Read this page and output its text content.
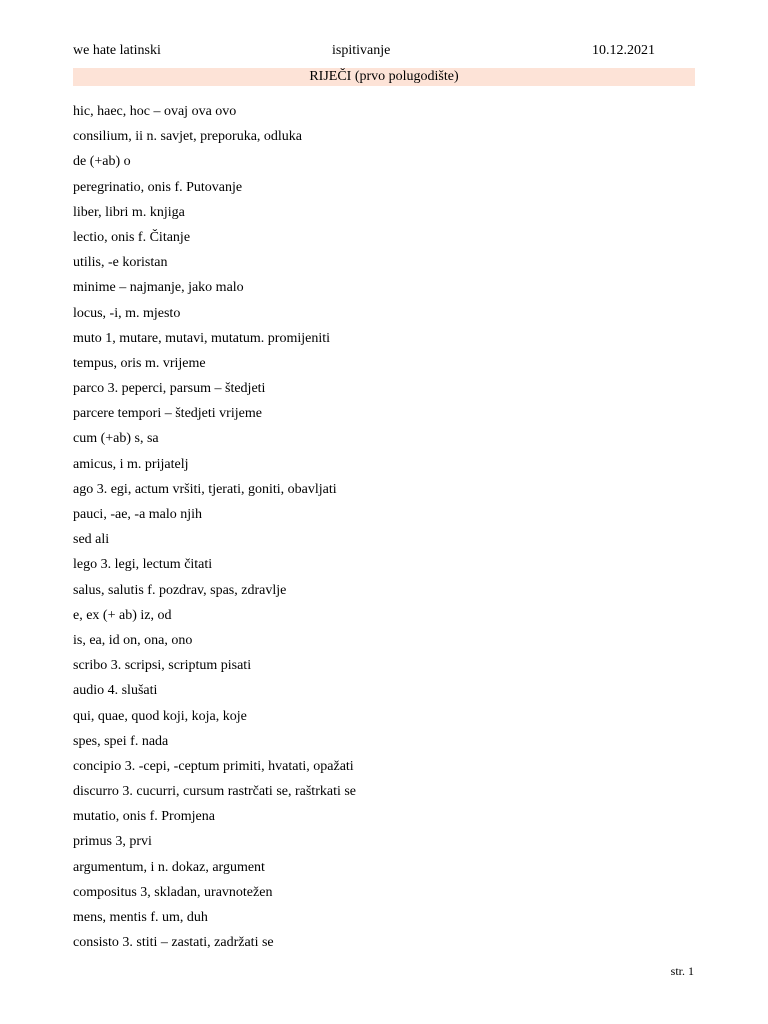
we hate latinski	ispitivanje	10.12.2021
RIJEČI (prvo polugodište)
hic, haec, hoc – ovaj ova ovo
consilium, ii n. savjet, preporuka, odluka
de (+ab) o
peregrinatio, onis f. Putovanje
liber, libri m. knjiga
lectio, onis f. Čitanje
utilis, -e koristan
minime – najmanje, jako malo
locus, -i, m. mjesto
muto 1, mutare, mutavi, mutatum. promijeniti
tempus, oris m. vrijeme
parco 3. peperci, parsum – štedjeti
parcere tempori – štedjeti vrijeme
cum (+ab) s, sa
amicus, i m. prijatelj
ago 3. egi, actum vršiti, tjerati, goniti, obavljati
pauci, -ae, -a malo njih
sed ali
lego 3. legi, lectum čitati
salus, salutis f. pozdrav, spas, zdravlje
e, ex (+ ab) iz, od
is, ea, id on, ona, ono
scribo 3. scripsi, scriptum pisati
audio 4. slušati
qui, quae, quod koji, koja, koje
spes, spei f. nada
concipio 3. -cepi, -ceptum primiti, hvatati, opažati
discurro 3. cucurri, cursum rastrčati se, raštrkati se
mutatio, onis f. Promjena
primus 3, prvi
argumentum, i n. dokaz, argument
compositus 3, skladan, uravnotežen
mens, mentis f. um, duh
consisto 3. stiti – zastati, zadržati se
str. 1
